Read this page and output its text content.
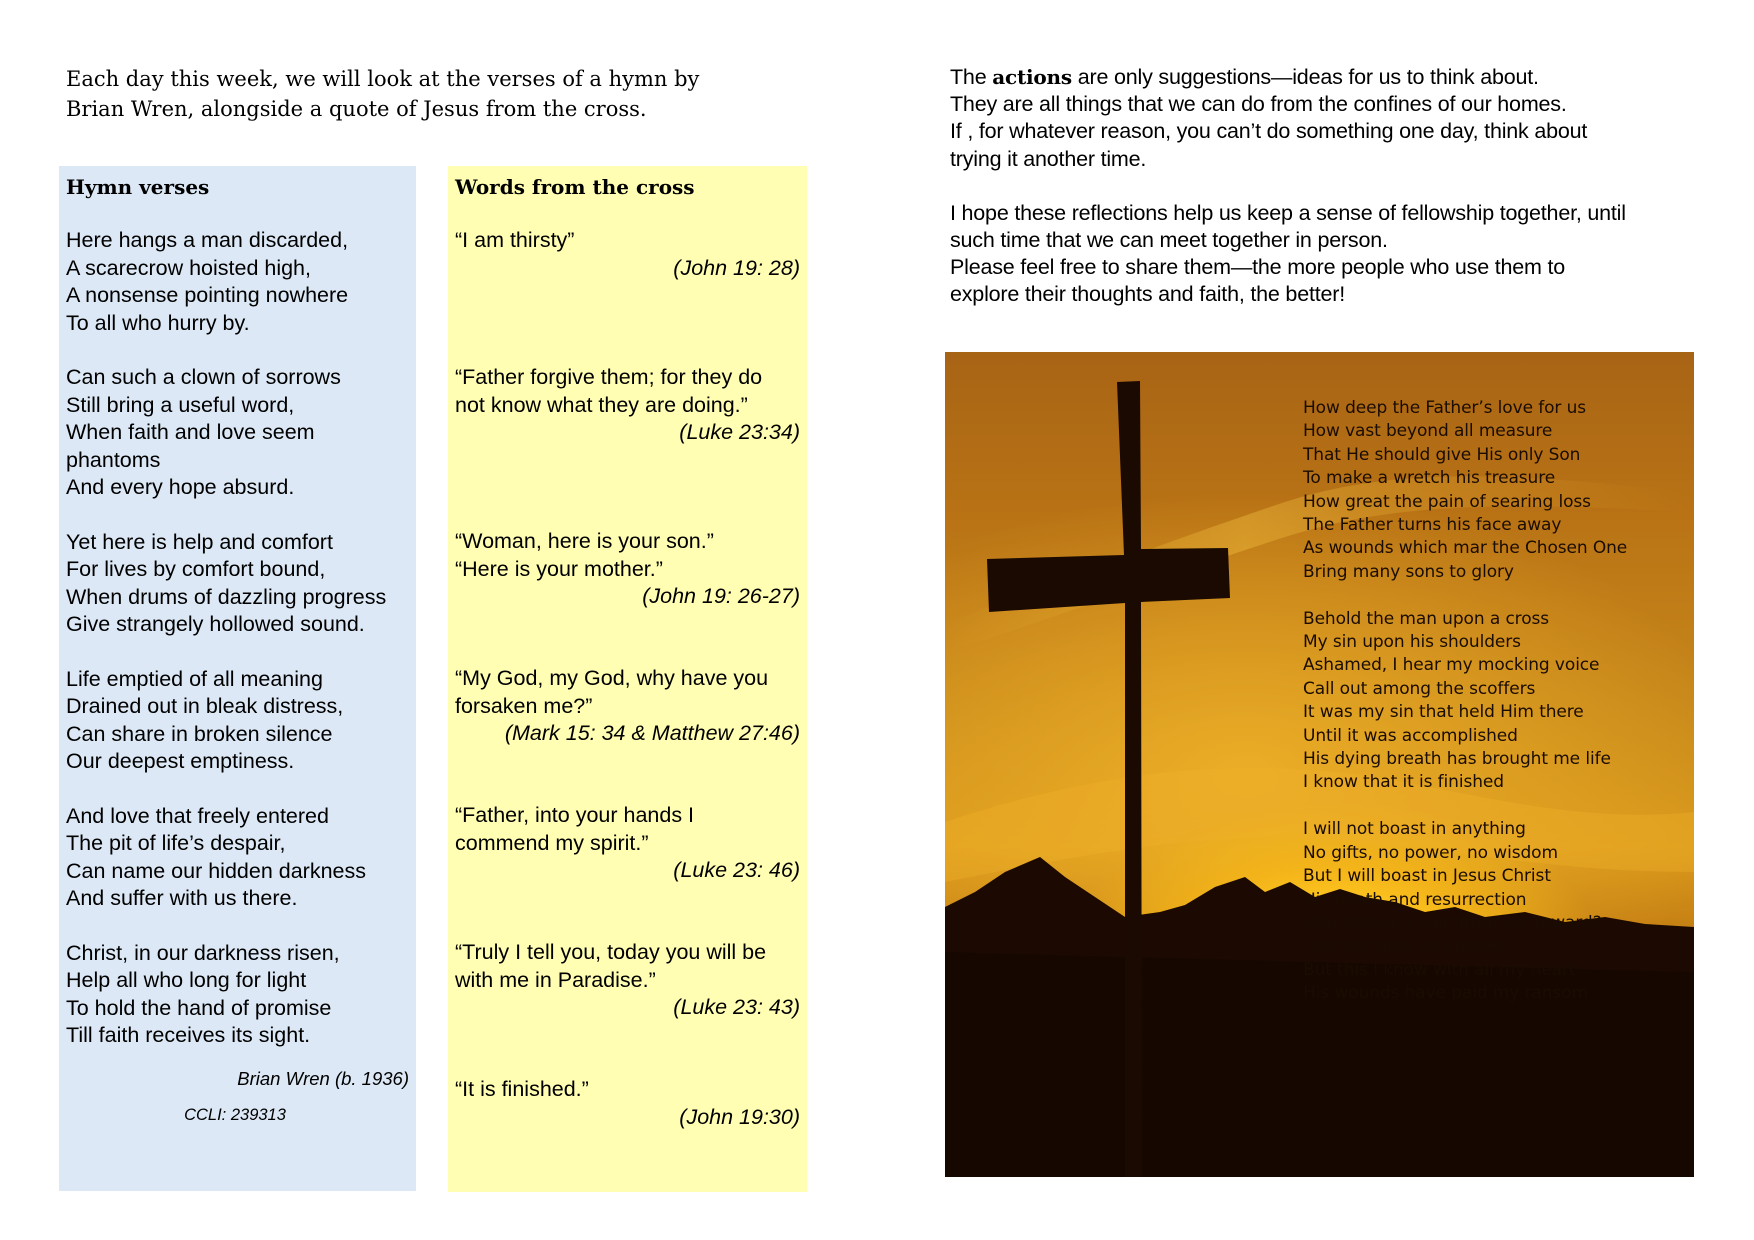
Each day this week, we will look at the verses of a hymn by
Brian Wren, alongside a quote of Jesus from the cross.

Hymn verses
Here hangs a man discarded,
A scarecrow hoisted high,
A nonsense pointing nowhere
To all who hurry by.
Can such a clown of sorrows
Still bring a useful word,
When faith and love seem
phantoms
And every hope absurd.
Yet here is help and comfort
For lives by comfort bound,
When drums of dazzling progress
Give strangely hollowed sound.
Life emptied of all meaning
Drained out in bleak distress,
Can share in broken silence
Our deepest emptiness.
And love that freely entered
The pit of life’s despair,
Can name our hidden darkness
And suffer with us there.
Christ, in our darkness risen,
Help all who long for light
To hold the hand of promise
Till faith receives its sight.
Brian Wren (b. 1936)
CCLI: 239313
Words from the cross
“I am thirsty”
(John 19: 28)
“Father forgive them; for they do
not know what they are doing.”
(Luke 23:34)
“Woman, here is your son.”
“Here is your mother.”
(John 19: 26-27)
“My God, my God, why have you
forsaken me?”
(Mark 15: 34 & Matthew 27:46)
“Father, into your hands I
commend my spirit.”
(Luke 23: 46)
“Truly I tell you, today you will be
with me in Paradise.”
(Luke 23: 43)
“It is finished.”
(John 19:30)

The actions are only suggestions—ideas for us to think about.
They are all things that we can do from the confines of our homes.
If , for whatever reason, you can’t do something one day, think about
trying it another time.

I hope these reflections help us keep a sense of fellowship together, until
such time that we can meet together in person.
Please feel free to share them—the more people who use them to
explore their thoughts and faith, the better!

How deep the Father’s love for us
How vast beyond all measure
That He should give His only Son
To make a wretch his treasure
How great the pain of searing loss
The Father turns his face away
As wounds which mar the Chosen One
Bring many sons to glory
Behold the man upon a cross
My sin upon his shoulders
Ashamed, I hear my mocking voice
Call out among the scoffers
It was my sin that held Him there
Until it was accomplished
His dying breath has brought me life
I know that it is finished
I will not boast in anything
No gifts, no power, no wisdom
But I will boast in Jesus Christ
His death and resurrection
Why should I gain from His reward?
I cannot give an answer
But this I know with all my heart
His wounds have paid my ransom
